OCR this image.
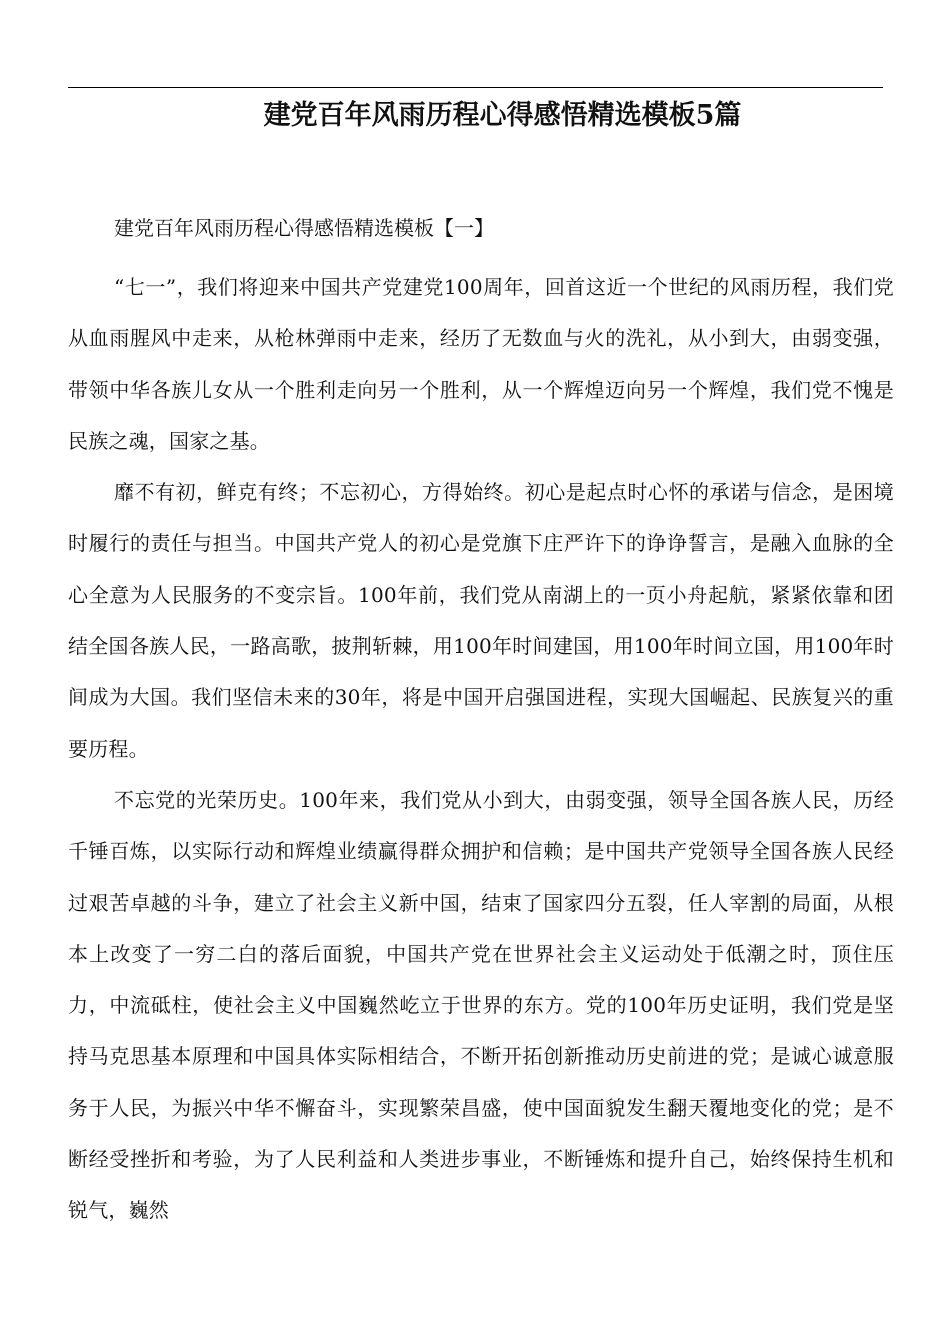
建党百年风雨历程心得感悟精选模板5篇

建党百年风雨历程心得感悟精选模板【一】

“七一”，我们将迎来中国共产党建党100周年，回首这近一个世纪的风雨历程，我们党从血雨腥风中走来，从枪林弹雨中走来，经历了无数血与火的洗礼，从小到大，由弱变强，带领中华各族儿女从一个胜利走向另一个胜利，从一个辉煌迈向另一个辉煌，我们党不愧是民族之魂，国家之基。

靡不有初，鲜克有终；不忘初心，方得始终。初心是起点时心怀的承诺与信念，是困境时履行的责任与担当。中国共产党人的初心是党旗下庄严许下的诤诤誓言，是融入血脉的全心全意为人民服务的不变宗旨。100年前，我们党从南湖上的一页小舟起航，紧紧依靠和团结全国各族人民，一路高歌，披荆斩棘，用100年时间建国，用100年时间立国，用100年时间成为大国。我们坚信未来的30年，将是中国开启强国进程，实现大国崛起、民族复兴的重要历程。

不忘党的光荣历史。100年来，我们党从小到大，由弱变强，领导全国各族人民，历经千锤百炼，以实际行动和辉煌业绩赢得群众拥护和信赖；是中国共产党领导全国各族人民经过艰苦卓越的斗争，建立了社会主义新中国，结束了国家四分五裂，任人宰割的局面，从根本上改变了一穷二白的落后面貌，中国共产党在世界社会主义运动处于低潮之时，顶住压力，中流砥柱，使社会主义中国巍然屹立于世界的东方。党的100年历史证明，我们党是坚持马克思基本原理和中国具体实际相结合，不断开拓创新推动历史前进的党；是诚心诚意服务于人民，为振兴中华不懈奋斗，实现繁荣昌盛，使中国面貌发生翻天覆地变化的党；是不断经受挫折和考验，为了人民利益和人类进步事业，不断锤炼和提升自己，始终保持生机和锐气，巍然
